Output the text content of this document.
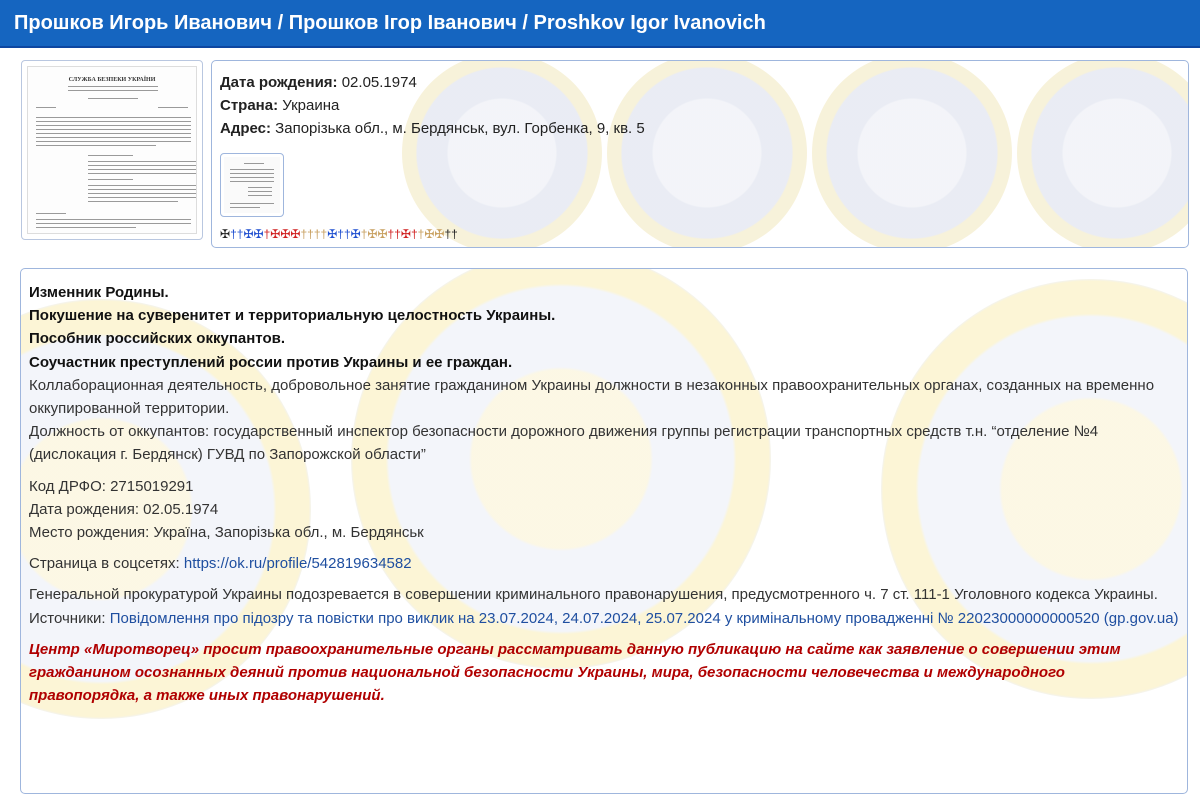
Прошков Игорь Иванович / Прошков Ігор Іванович / Proshkov Igor Ivanovich
СЛУЖБА БЕЗПЕКИ УКРАЇНИ	Дата рождения: 02.05.1974
Страна: Украина
Адрес: Запорізька обл., м. Бердянськ, вул. Горбенка, 9, кв. 5
✠††✠✠†✠✠✠††††✠††✠†✠✠††✠††✠✠††

Изменник Родины.

Покушение на суверенитет и территориальную целостность Украины.

Пособник российских оккупантов.

Соучастник преступлений россии против Украины и ее граждан.

Коллаборационная деятельность, добровольное занятие гражданином Украины должности в незаконных правоохранительных органах, созданных на временно оккупированной территории.

Должность от оккупантов: государственный инспектор безопасности дорожного движения группы регистрации транспортных средств т.н. “отделение №4 (дислокация г. Бердянск) ГУВД по Запорожской области”

Код ДРФО: 2715019291

Дата рождения: 02.05.1974

Место рождения: Україна, Запорізька обл., м. Бердянськ

Страница в соцсетях: https://ok.ru/profile/542819634582

Генеральной прокуратурой Украины подозревается в совершении криминального правонарушения, предусмотренного ч. 7 ст. 111-1 Уголовного кодекса Украины.

Источники: Повідомлення про підозру та повістки про виклик на 23.07.2024, 24.07.2024, 25.07.2024 у кримінальному провадженні № 22023000000000520 (gp.gov.ua)

Центр «Миротворец» просит правоохранительные органы рассматривать данную публикацию на сайте как заявление о совершении этим гражданином осознанных деяний против национальной безопасности Украины, мира, безопасности человечества и международного правопорядка, а также иных правонарушений.
